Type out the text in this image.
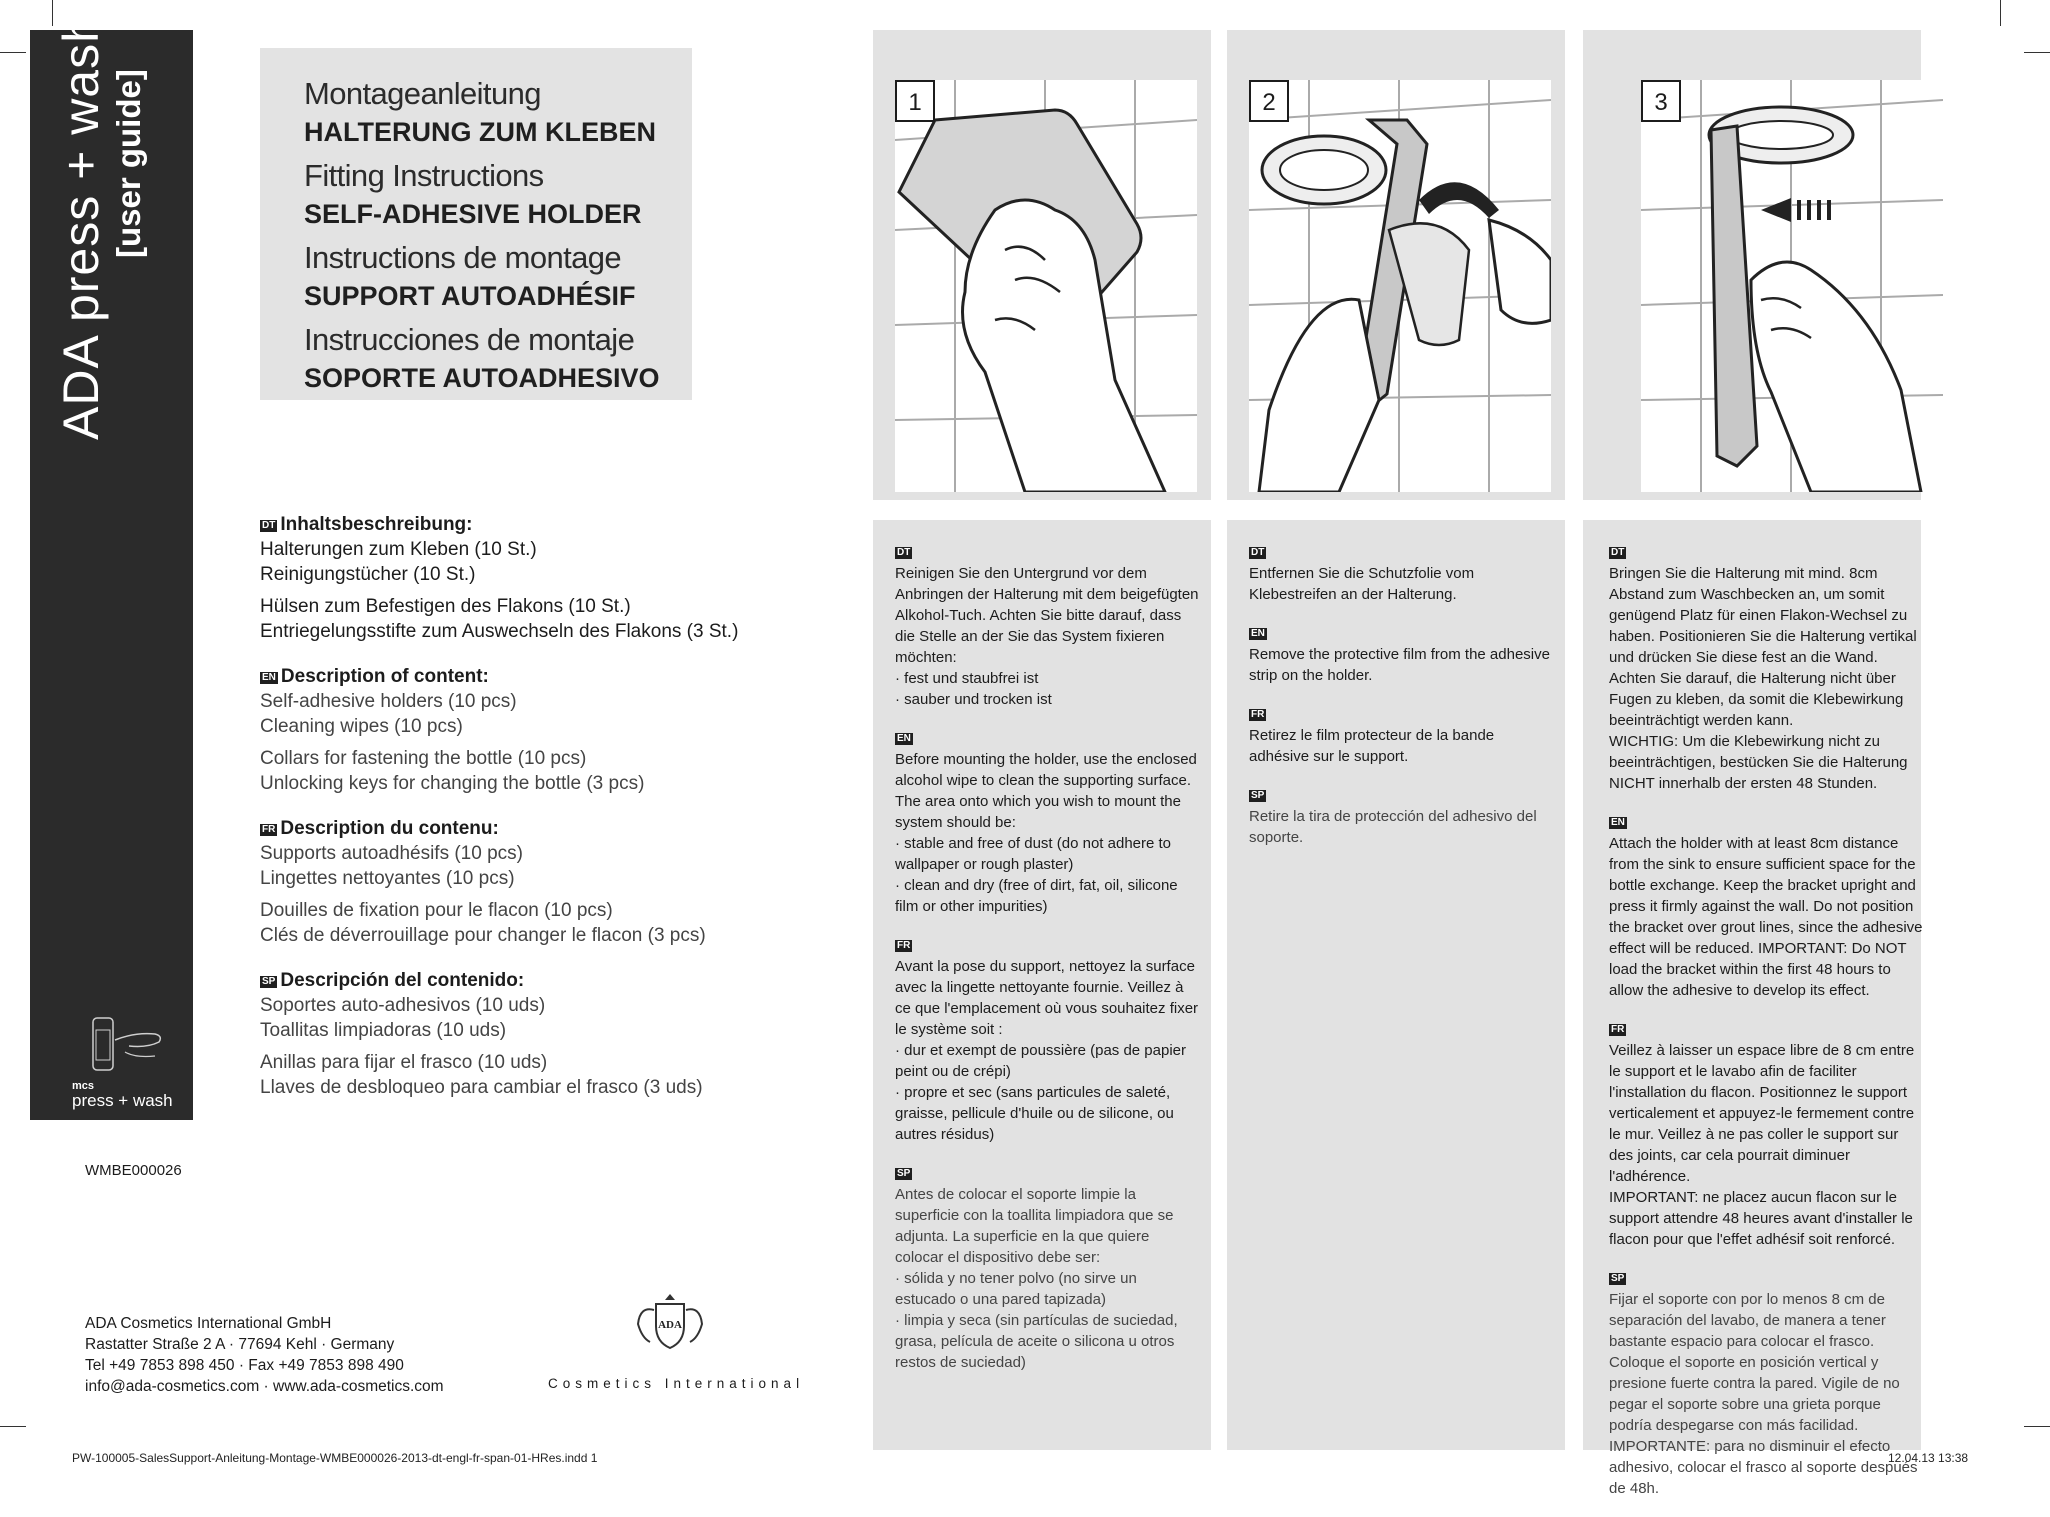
ADA press + wash [user guide]
mcs
press + wash

Montageanleitung

HALTERUNG ZUM KLEBEN

Fitting Instructions

SELF-ADHESIVE HOLDER

Instructions de montage

SUPPORT AUTOADHÉSIF

Instrucciones de montaje

SOPORTE AUTOADHESIVO

DT Inhaltsbeschreibung:
Halterungen zum Kleben (10 St.)
Reinigungstücher (10 St.)
Hülsen zum Befestigen des Flakons (10 St.)
Entriegelungsstifte zum Auswechseln des Flakons (3 St.)
EN Description of content:
Self-adhesive holders (10 pcs)
Cleaning wipes (10 pcs)
Collars for fastening the bottle (10 pcs)
Unlocking keys for changing the bottle (3 pcs)
FR Description du contenu:
Supports autoadhésifs (10 pcs)
Lingettes nettoyantes (10 pcs)
Douilles de fixation pour le flacon (10 pcs)
Clés de déverrouillage pour changer le flacon (3 pcs)
SP Descripción del contenido:
Soportes auto-adhesivos (10 uds)
Toallitas limpiadoras (10 uds)
Anillas para fijar el frasco (10 uds)
Llaves de desbloqueo para cambiar el frasco (3 uds)
WMBE000026
ADA Cosmetics International GmbH
Rastatter Straße 2 A · 77694 Kehl · Germany
Tel +49 7853 898 450 · Fax +49 7853 898 490
info@ada-cosmetics.com · www.ada-cosmetics.com
ADA
Cosmetics International
1

DT
Reinigen Sie den Untergrund vor dem Anbringen der Halterung mit dem beigefügten Alkohol-Tuch. Achten Sie bitte darauf, dass die Stelle an der Sie das System fixieren möchten:
· fest und staubfrei ist
· sauber und trocken ist

EN
Before mounting the holder, use the enclosed alcohol wipe to clean the supporting surface. The area onto which you wish to mount the system should be:
· stable and free of dust (do not adhere to wallpaper or rough plaster)
· clean and dry (free of dirt, fat, oil, silicone film or other impurities)

FR
Avant la pose du support, nettoyez la surface avec la lingette nettoyante fournie. Veillez à ce que l'emplacement où vous souhaitez fixer le système soit :
· dur et exempt de poussière (pas de papier peint ou de crépi)
· propre et sec (sans particules de saleté, graisse, pellicule d'huile ou de silicone, ou autres résidus)

SP
Antes de colocar el soporte limpie la superficie con la toallita limpiadora que se adjunta. La superficie en la que quiere colocar el dispositivo debe ser:
· sólida y no tener polvo (no sirve un estucado o una pared tapizada)
· limpia y seca (sin partículas de suciedad, grasa, película de aceite o silicona u otros restos de suciedad)

2

DT
Entfernen Sie die Schutzfolie vom Klebestreifen an der Halterung.

EN
Remove the protective film from the adhesive strip on the holder.

FR
Retirez le film protecteur de la bande adhésive sur le support.

SP
Retire la tira de protección del adhesivo del soporte.

3

DT
Bringen Sie die Halterung mit mind. 8cm Abstand zum Waschbecken an, um somit genügend Platz für einen Flakon-Wechsel zu haben. Positionieren Sie die Halterung vertikal und drücken Sie diese fest an die Wand. Achten Sie darauf, die Halterung nicht über Fugen zu kleben, da somit die Klebewirkung beeinträchtigt werden kann.
WICHTIG: Um die Klebewirkung nicht zu beeinträchtigen, bestücken Sie die Halterung NICHT innerhalb der ersten 48 Stunden.

EN
Attach the holder with at least 8cm distance from the sink to ensure sufficient space for the bottle exchange. Keep the bracket upright and press it firmly against the wall. Do not position the bracket over grout lines, since the adhesive effect will be reduced. IMPORTANT: Do NOT load the bracket within the first 48 hours to allow the adhesive to develop its effect.

FR
Veillez à laisser un espace libre de 8 cm entre le support et le lavabo afin de faciliter l'installation du flacon. Positionnez le support verticalement et appuyez-le fermement contre le mur. Veillez à ne pas coller le support sur des joints, car cela pourrait diminuer l'adhérence.
IMPORTANT: ne placez aucun flacon sur le support attendre 48 heures avant d'installer le flacon pour que l'effet adhésif soit renforcé.

SP
Fijar el soporte con por lo menos 8 cm de separación del lavabo, de manera a tener bastante espacio para colocar el frasco. Coloque el soporte en posición vertical y presione fuerte contra la pared. Vigile de no pegar el soporte sobre una grieta porque podría despegarse con más facilidad.
IMPORTANTE: para no disminuir el efecto adhesivo, colocar el frasco al soporte después de 48h.

PW-100005-SalesSupport-Anleitung-Montage-WMBE000026-2013-dt-engl-fr-span-01-HRes.indd 1	12.04.13 13:38
